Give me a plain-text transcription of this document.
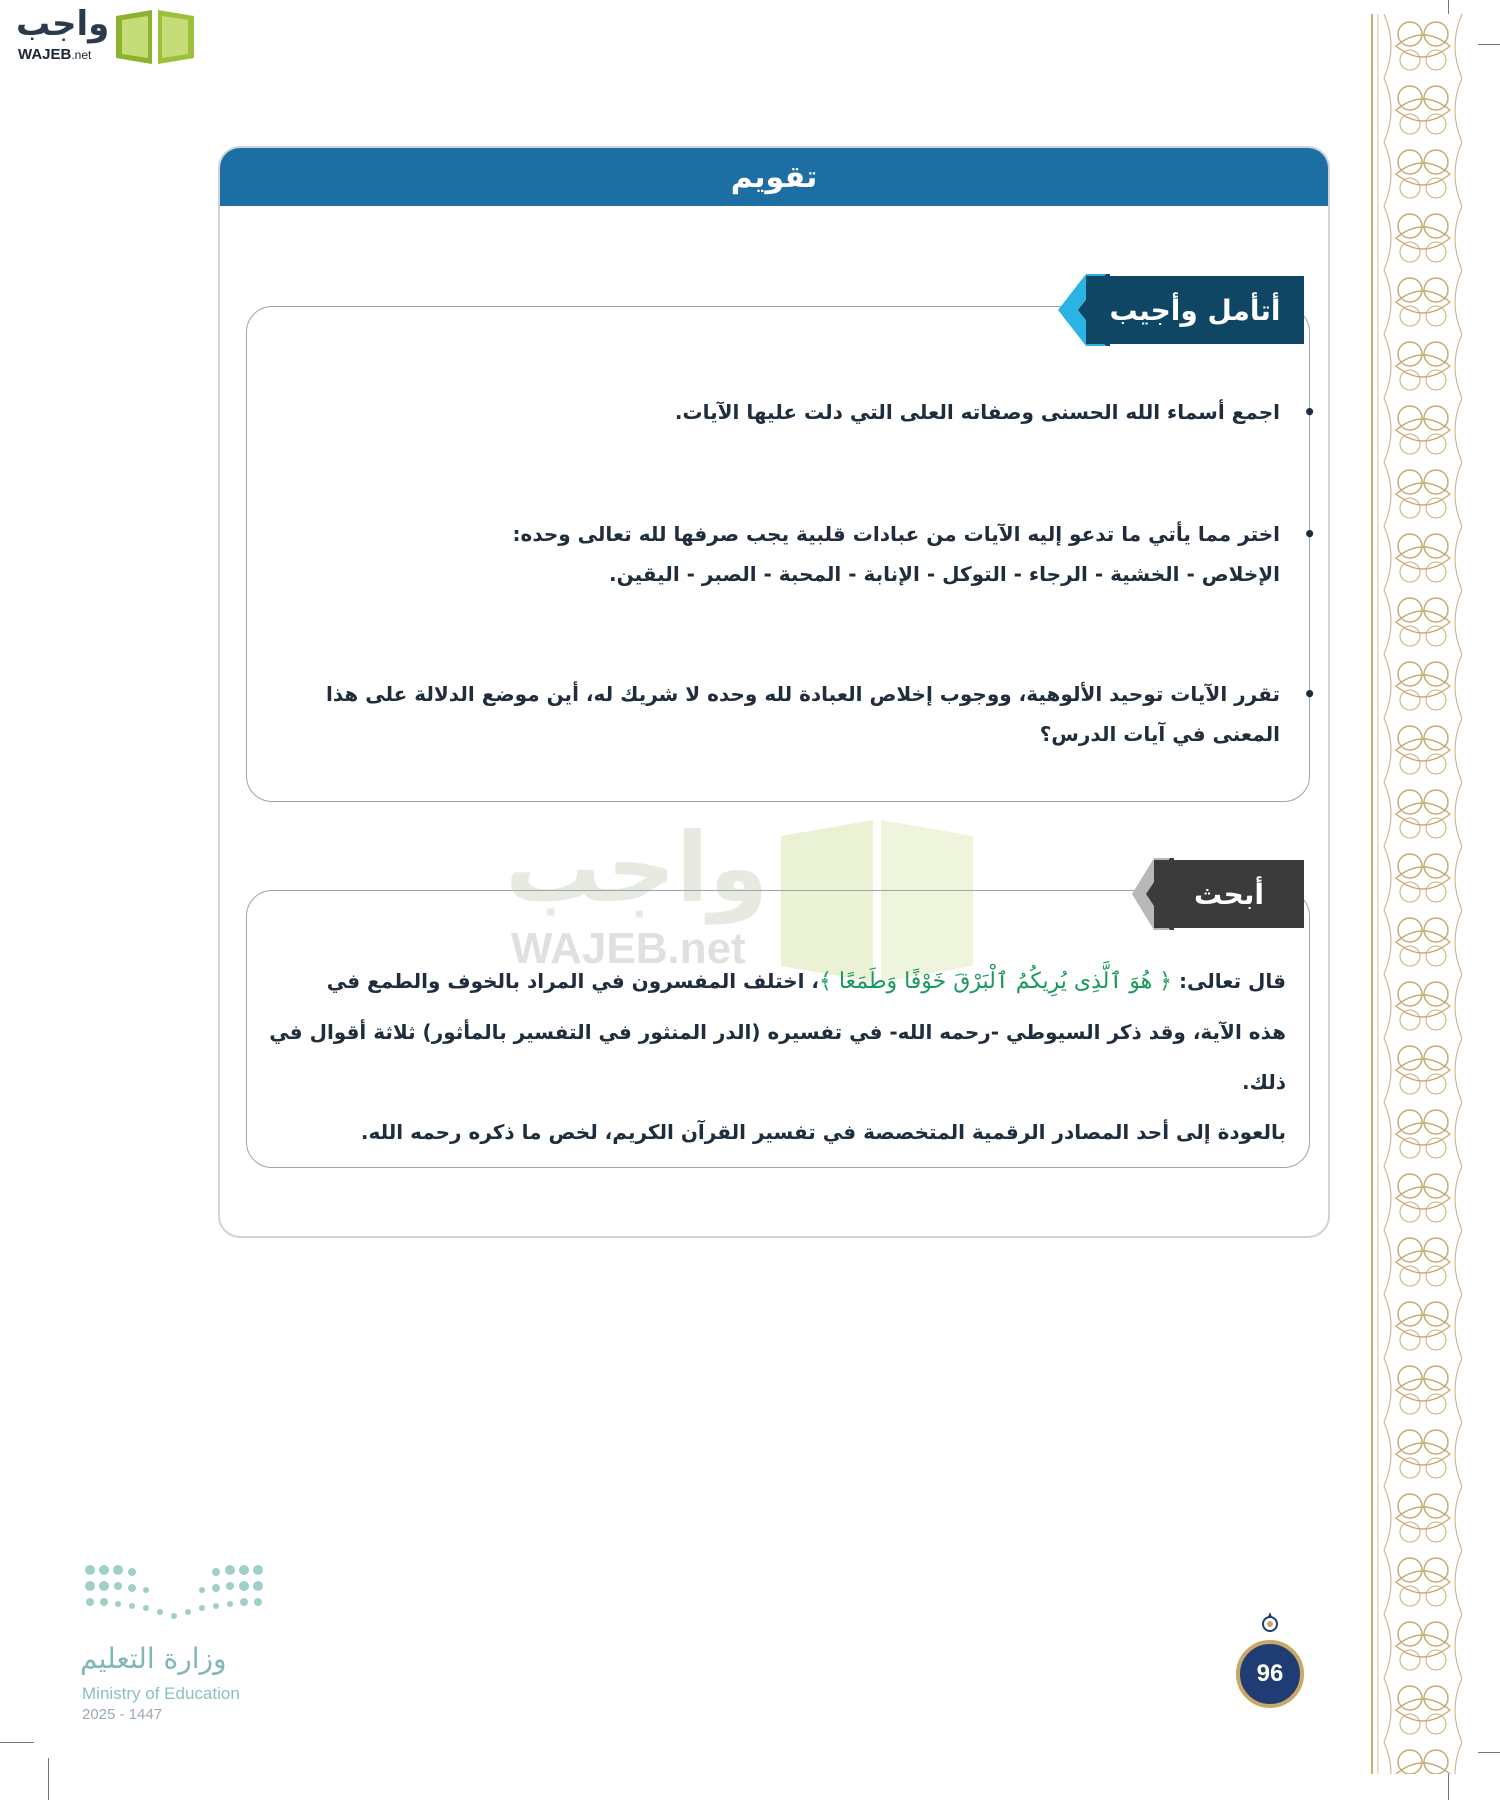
واجب
WAJEB.net
تقويم
أتأمل وأجيب
•
اجمع أسماء الله الحسنى وصفاته العلى التي دلت عليها الآيات.
•
اختر مما يأتي ما تدعو إليه الآيات من عبادات قلبية يجب صرفها لله تعالى وحده:
الإخلاص - الخشية - الرجاء - التوكل - الإنابة - المحبة - الصبر - اليقين.
•
تقرر الآيات توحيد الألوهية، ووجوب إخلاص العبادة لله وحده لا شريك له، أين موضع الدلالة على هذا
المعنى في آيات الدرس؟
واجب
WAJEB.net
أبحث
قال تعالى: ﴿ هُوَ ٱلَّذِى يُرِيكُمُ ٱلْبَرْقَ خَوْفًا وَطَمَعًا ﴾، اختلف المفسرون في المراد بالخوف والطمع في
هذه الآية، وقد ذكر السيوطي -رحمه الله- في تفسيره (الدر المنثور في التفسير بالمأثور) ثلاثة أقوال في ذلك.
بالعودة إلى أحد المصادر الرقمية المتخصصة في تفسير القرآن الكريم، لخص ما ذكره رحمه الله.
وزارة التعليم
Ministry of Education
2025 - 1447
96
